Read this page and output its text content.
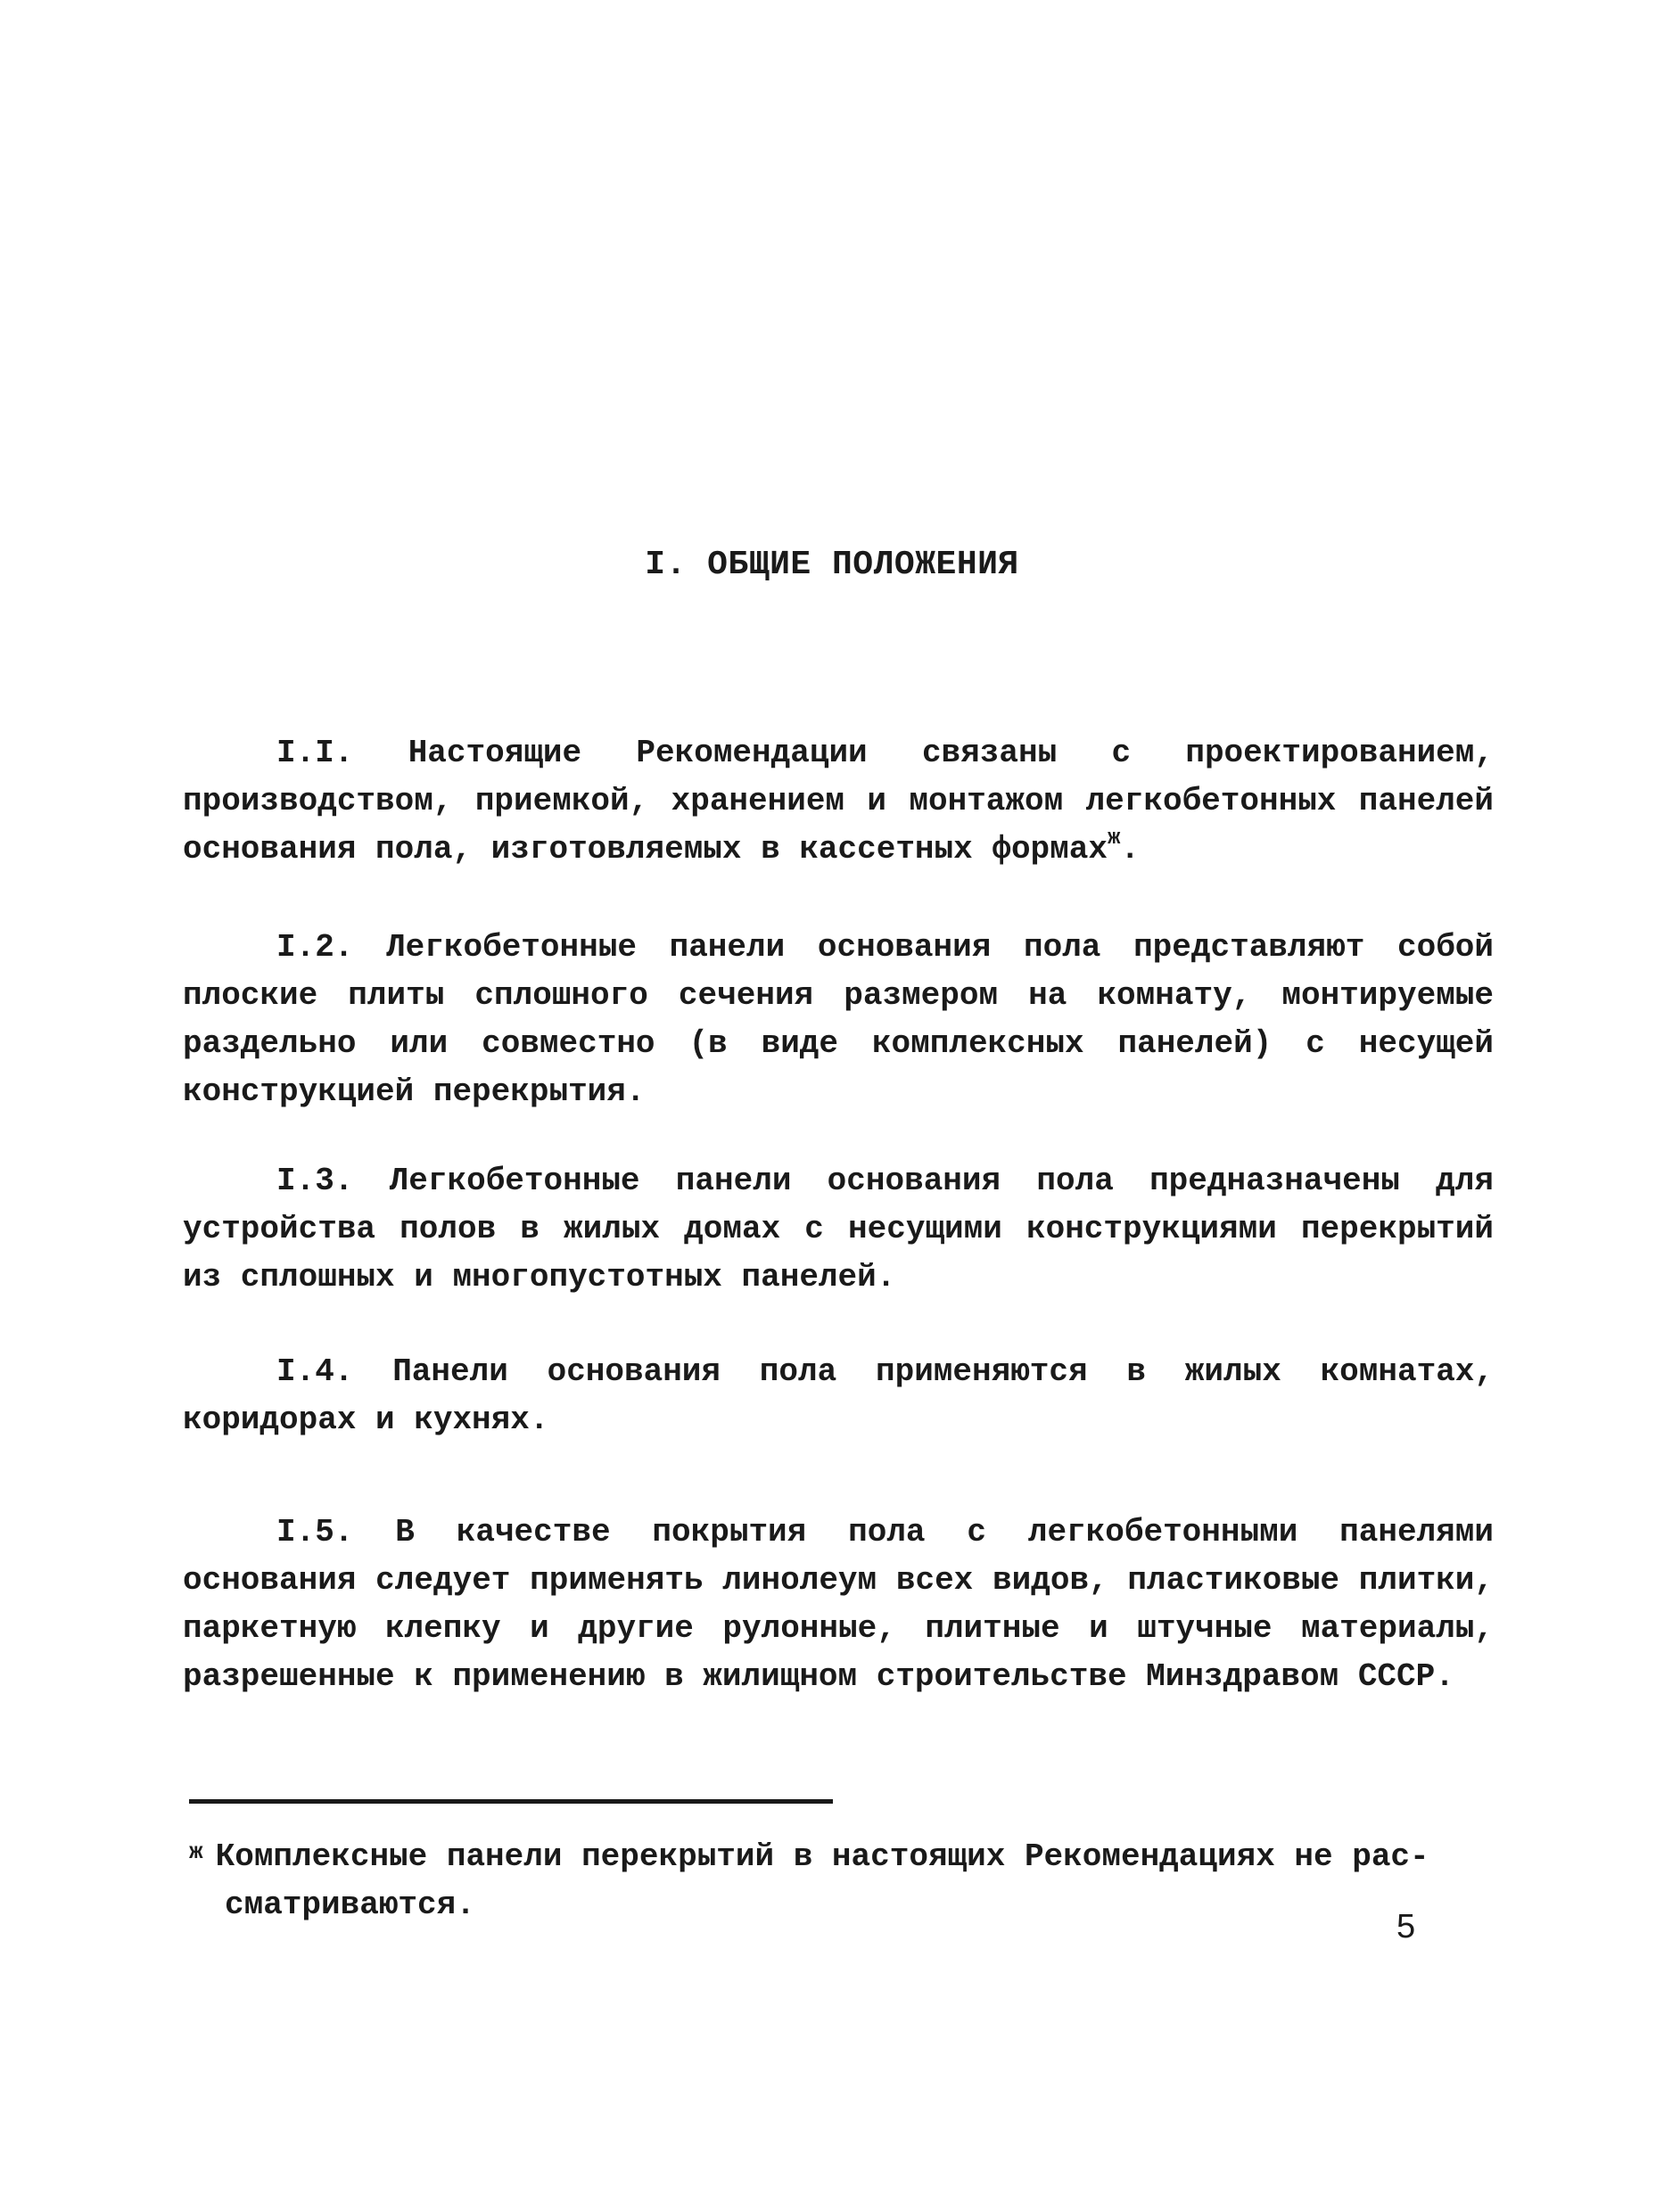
I. ОБЩИЕ ПОЛОЖЕНИЯ

I.I. Настоящие Рекомендации связаны с проектированием, производством, приемкой, хранением и монтажом легкобетонных панелей основания пола, изготовляемых в кассетных формах$^ж$.

I.2. Легкобетонные панели основания пола представляют собой плоские плиты сплошного сечения размером на комнату, монтируемые раздельно или совместно (в виде комплексных панелей) с несущей конструкцией перекрытия.

I.3. Легкобетонные панели основания пола предназначены для устройства полов в жилых домах с несущими конструкциями перекрытий из сплошных и многопустотных панелей.

I.4. Панели основания пола применяются в жилых комнатах, коридорах и кухнях.

I.5. В качестве покрытия пола с легкобетонными панелями основания следует применять линолеум всех видов, пластиковые плитки, паркетную клепку и другие рулонные, плитные и штучные материалы, разрешенные к применению в жилищном строительстве Минздравом СССР.

$^ж$ Комплексные панели перекрытий в настоящих Рекомендациях не рас-
сматриваются.

5
